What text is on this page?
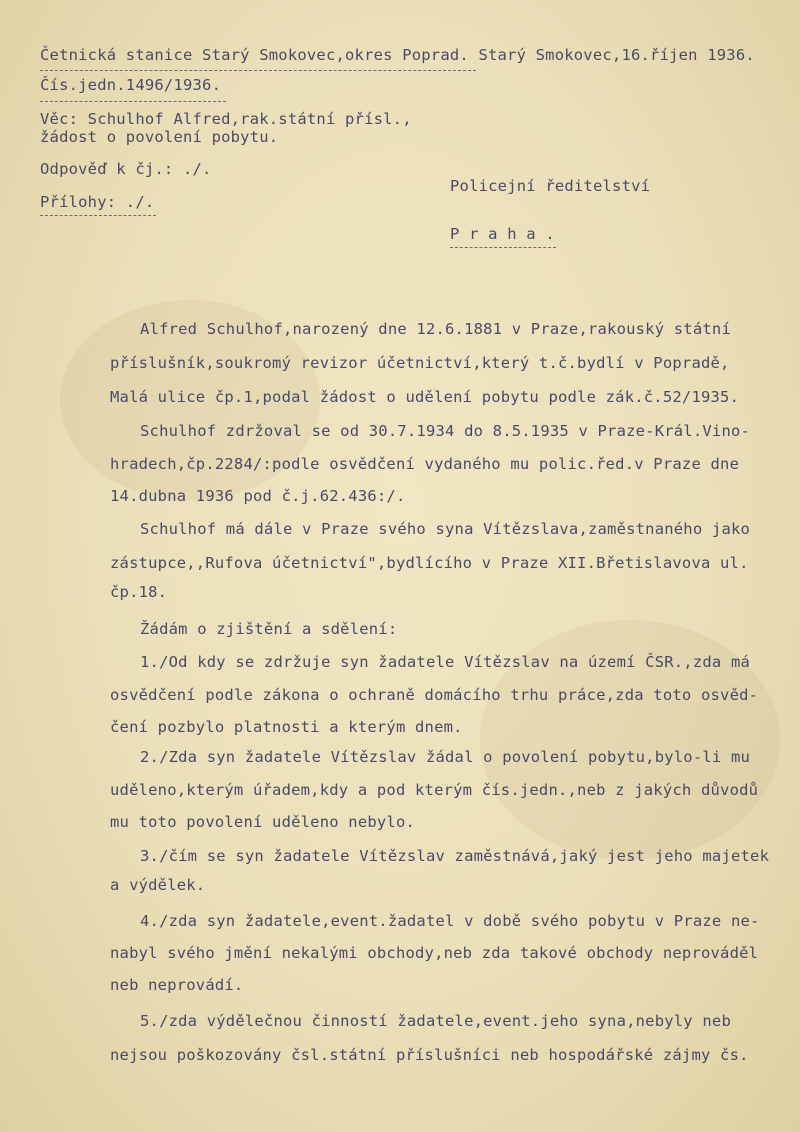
Četnická stanice Starý Smokovec,okres Poprad. Starý Smokovec,16.říjen 1936.
Čís.jedn.1496/1936.
Věc: Schulhof Alfred,rak.státní přísl.,
žádost o povolení pobytu.
Odpověď k čj.: ./.
Policejní ředitelství
Přílohy: ./.
P r a h a .
Alfred Schulhof,narozený dne 12.6.1881 v Praze,rakouský státní
příslušník,soukromý revizor účetnictví,který t.č.bydlí v Popradě,
Malá ulice čp.1,podal žádost o udělení pobytu podle zák.č.52/1935.
Schulhof zdržoval se od 30.7.1934 do 8.5.1935 v Praze-Král.Vino-
hradech,čp.2284/:podle osvědčení vydaného mu polic.řed.v Praze dne
14.dubna 1936 pod č.j.62.436:/.
Schulhof má dále v Praze svého syna Vítězslava,zaměstnaného jako
zástupce,,Rufova účetnictví",bydlícího v Praze XII.Břetislavova ul.
čp.18.
Žádám o zjištění a sdělení:
1./Od kdy se zdržuje syn žadatele Vítězslav na území ČSR.,zda má
osvědčení podle zákona o ochraně domácího trhu práce,zda toto osvěd-
čení pozbylo platnosti a kterým dnem.
2./Zda syn žadatele Vítězslav žádal o povolení pobytu,bylo-li mu
uděleno,kterým úřadem,kdy a pod kterým čís.jedn.,neb z jakých důvodů
mu toto povolení uděleno nebylo.
3./čím se syn žadatele Vítězslav zaměstnává,jaký jest jeho majetek
a výdělek.
4./zda syn žadatele,event.žadatel v době svého pobytu v Praze ne-
nabyl svého jmění nekalými obchody,neb zda takové obchody neprováděl
neb neprovádí.
5./zda výdělečnou činností žadatele,event.jeho syna,nebyly neb
nejsou poškozovány čsl.státní příslušníci neb hospodářské zájmy čs.
